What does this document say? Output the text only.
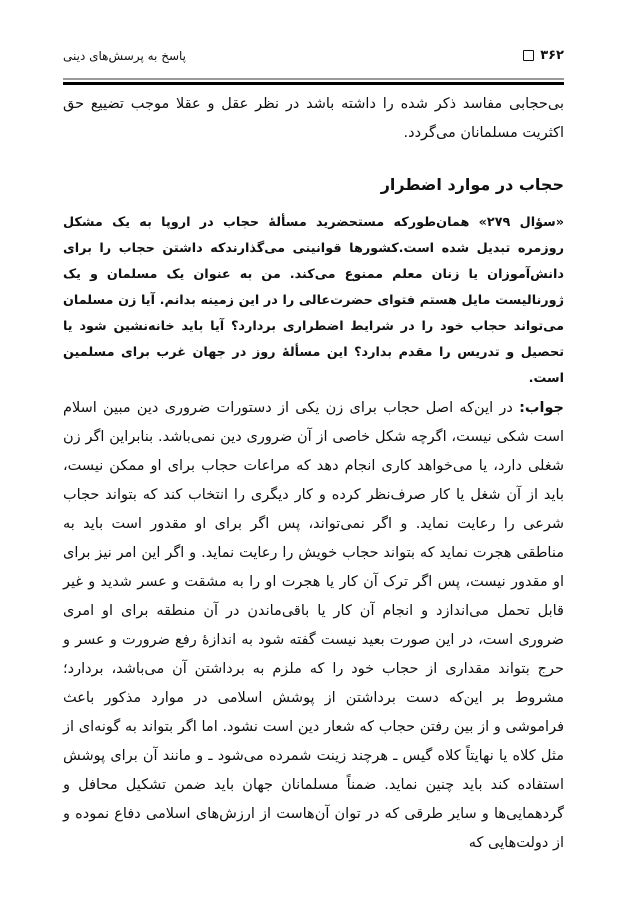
۳۶۲
پاسخ به پرسش‌های دینی

بی‌حجابی مفاسد ذکر شده را داشته باشد در نظر عقل و عقلا موجب تضییع حق اکثریت مسلمانان می‌گردد.

حجاب در موارد اضطرار

«سؤال ۲۷۹» همان‌طورکه مستحضرید مسألهٔ حجاب در اروپا به یک مشکل روزمره تبدیل شده است.کشورها قوانینی می‌گذارندکه داشتن حجاب را برای دانش‌آموزان یا زنان معلم ممنوع می‌کند. من به عنوان یک مسلمان و یک ژورنالیست مایل هستم فتوای حضرت‌عالی را در این زمینه بدانم. آیا زن مسلمان می‌تواند حجاب خود را در شرایط اضطراری بردارد؟ آیا باید خانه‌نشین شود یا تحصیل و تدریس را مقدم بدارد؟ این مسألهٔ روز در جهان غرب برای مسلمین است.

جواب: در این‌که اصل حجاب برای زن یکی از دستورات ضروری دین مبین اسلام است شکی نیست، اگرچه شکل خاصی از آن ضروری دین نمی‌باشد. بنابراین اگر زن شغلی دارد، یا می‌خواهد کاری انجام دهد که مراعات حجاب برای او ممکن نیست، باید از آن شغل یا کار صرف‌نظر کرده و کار دیگری را انتخاب کند که بتواند حجاب شرعی را رعایت نماید. و اگر نمی‌تواند، پس اگر برای او مقدور است باید به مناطقی هجرت نماید که بتواند حجاب خویش را رعایت نماید. و اگر این امر نیز برای او مقدور نیست، پس اگر ترک آن کار یا هجرت او را به مشقت و عسر شدید و غیر قابل تحمل می‌اندازد و انجام آن کار یا باقی‌ماندن در آن منطقه برای او امری ضروری است، در این صورت بعید نیست گفته شود به اندازهٔ رفع ضرورت و عسر و حرج بتواند مقداری از حجاب خود را که ملزم به برداشتن آن می‌باشد، بردارد؛ مشروط بر این‌که دست برداشتن از پوشش اسلامی در موارد مذکور باعث فراموشی و از بین رفتن حجاب که شعار دین است نشود. اما اگر بتواند به گونه‌ای از مثل کلاه یا نهایتاً کلاه گیس ـ هرچند زینت شمرده می‌شود ـ و مانند آن برای پوشش استفاده کند باید چنین نماید. ضمناً مسلمانان جهان باید ضمن تشکیل محافل و گردهمایی‌ها و سایر طرقی که در توان آن‌هاست از ارزش‌های اسلامی دفاع نموده و از دولت‌هایی که
